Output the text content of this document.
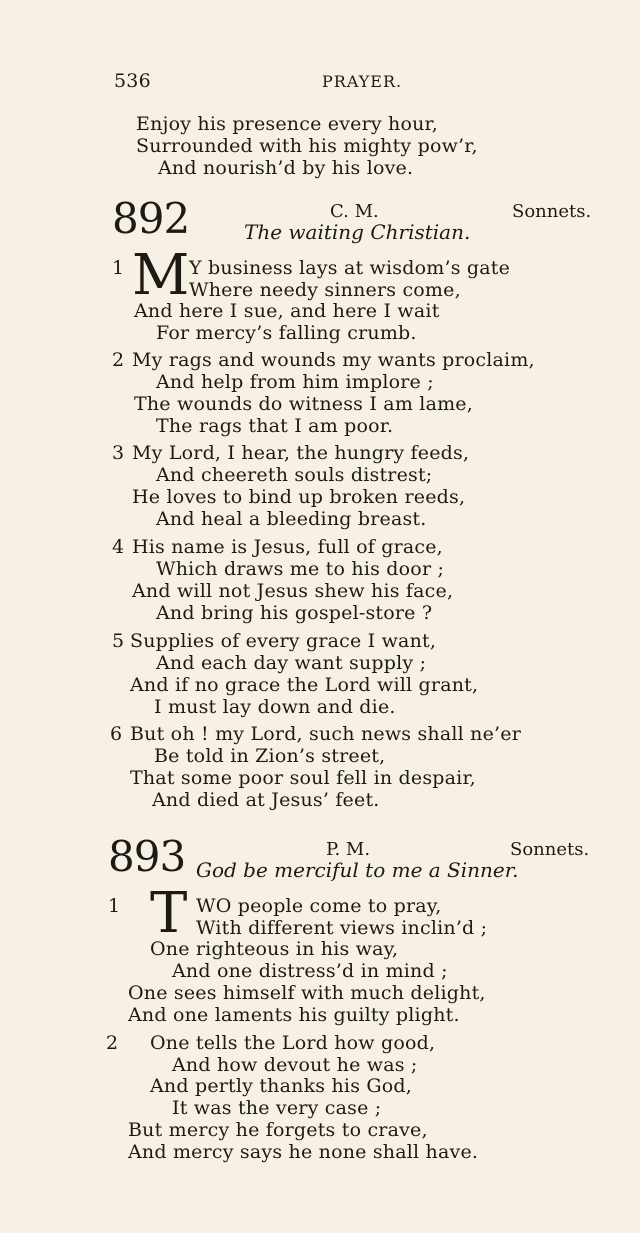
536	PRAYER.
Enjoy his presence every hour,
Surrounded with his mighty pow’r,
And nourish’d by his love.
892	C. M.	Sonnets.
The waiting Christian.
1 M Y business lays at wisdom’s gate
Where needy sinners come,
And here I sue, and here I wait
For mercy’s falling crumb.
2 My rags and wounds my wants proclaim,
And help from him implore ;
The wounds do witness I am lame,
The rags that I am poor.
3 My Lord, I hear, the hungry feeds,
And cheereth souls distrest;
He loves to bind up broken reeds,
And heal a bleeding breast.
4 His name is Jesus, full of grace,
Which draws me to his door ;
And will not Jesus shew his face,
And bring his gospel-store ?
5 Supplies of every grace I want,
And each day want supply ;
And if no grace the Lord will grant,
I must lay down and die.
6 But oh ! my Lord, such news shall ne’er
Be told in Zion’s street,
That some poor soul fell in despair,
And died at Jesus’ feet.
893	P. M.	Sonnets.
God be merciful to me a Sinner.
1 T WO people come to pray,
With different views inclin’d ;
One righteous in his way,
And one distress’d in mind ;
One sees himself with much delight,
And one laments his guilty plight.
2 One tells the Lord how good,
And how devout he was ;
And pertly thanks his God,
It was the very case ;
But mercy he forgets to crave,
And mercy says he none shall have.
